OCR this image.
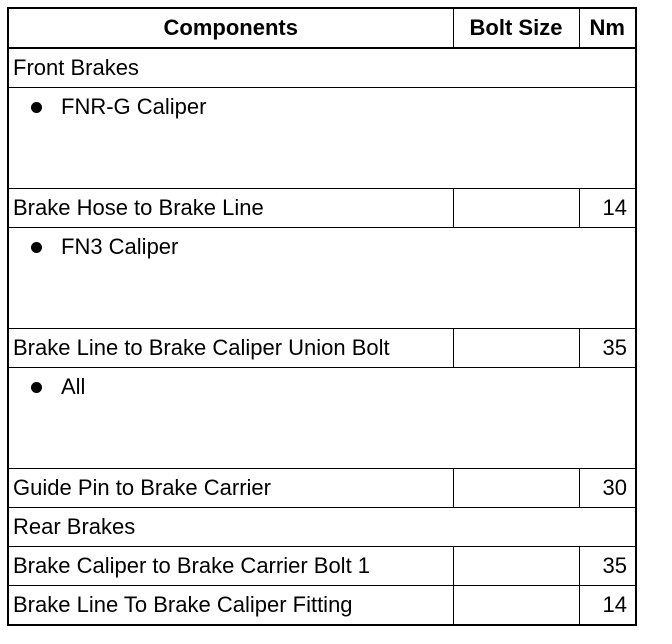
Components	Bolt Size	Nm
Front Brakes		

FNR-G Caliper		

Brake Hose to Brake Line		14

FN3 Caliper		

Brake Line to Brake Caliper Union Bolt		35

All		

Guide Pin to Brake Carrier		30
Rear Brakes		
Brake Caliper to Brake Carrier Bolt 1		35
Brake Line To Brake Caliper Fitting		14
